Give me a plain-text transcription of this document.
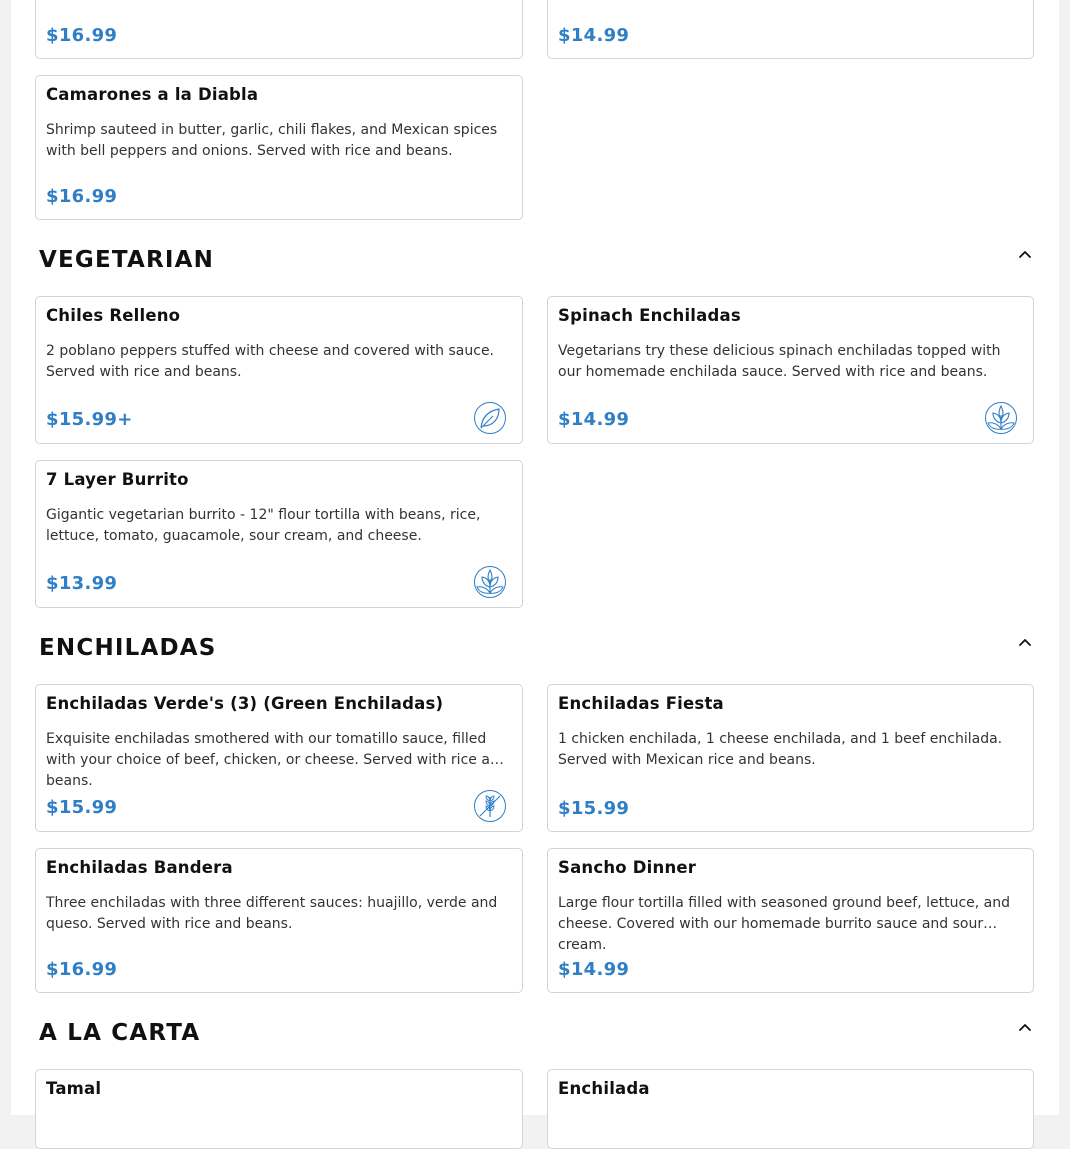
$16.99	$14.99
Camarones a la Diabla
Shrimp sauteed in butter, garlic, chili flakes, and Mexican spices with bell peppers and onions. Served with rice and beans.
$16.99
VEGETARIAN
Chiles Relleno
2 poblano peppers stuffed with cheese and covered with sauce. Served with rice and beans.
$15.99+
Spinach Enchiladas
Vegetarians try these delicious spinach enchiladas topped with our homemade enchilada sauce. Served with rice and beans.
$14.99
7 Layer Burrito
Gigantic vegetarian burrito - 12" flour tortilla with beans, rice, lettuce, tomato, guacamole, sour cream, and cheese.
$13.99
ENCHILADAS
Enchiladas Verde's (3) (Green Enchiladas)
Exquisite enchiladas smothered with our tomatillo sauce, filled with your choice of beef, chicken, or cheese. Served with rice and beans.
$15.99
Enchiladas Fiesta
1 chicken enchilada, 1 cheese enchilada, and 1 beef enchilada. Served with Mexican rice and beans.
$15.99
Enchiladas Bandera
Three enchiladas with three different sauces: huajillo, verde and queso. Served with rice and beans.
$16.99
Sancho Dinner
Large flour tortilla filled with seasoned ground beef, lettuce, and cheese. Covered with our homemade burrito sauce and sour cream.
$14.99
A LA CARTA
Tamal	Enchilada
